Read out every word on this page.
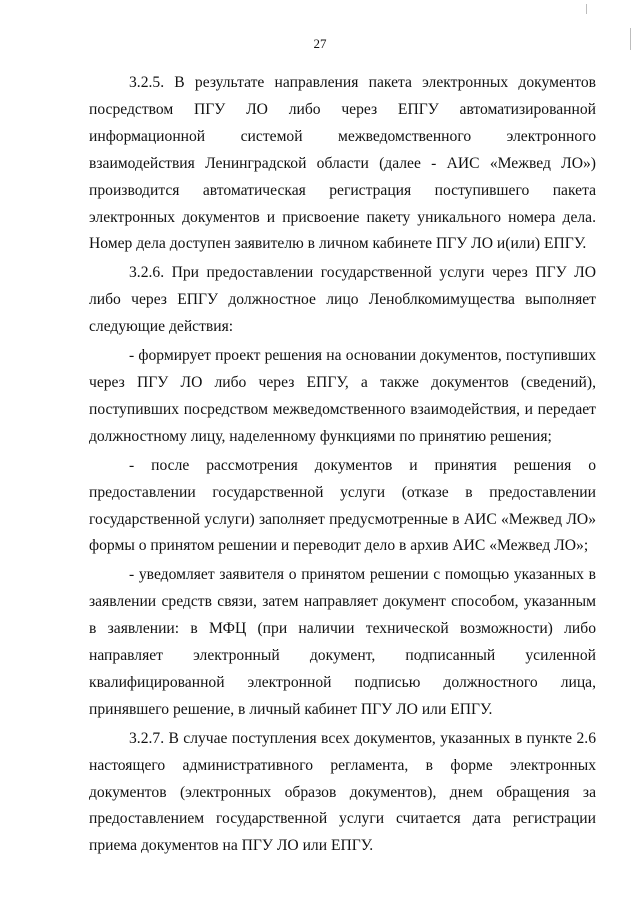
27

3.2.5. В результате направления пакета электронных документов посредством ПГУ ЛО либо через ЕПГУ автоматизированной информационной системой межведомственного электронного взаимодействия Ленинградской области (далее - АИС «Межвед ЛО») производится автоматическая регистрация поступившего пакета электронных документов и присвоение пакету уникального номера дела. Номер дела доступен заявителю в личном кабинете ПГУ ЛО и(или) ЕПГУ.

3.2.6. При предоставлении государственной услуги через ПГУ ЛО либо через ЕПГУ должностное лицо Леноблкомимущества выполняет следующие действия:

- формирует проект решения на основании документов, поступивших через ПГУ ЛО либо через ЕПГУ, а также документов (сведений), поступивших посредством межведомственного взаимодействия, и передает должностному лицу, наделенному функциями по принятию решения;

- после рассмотрения документов и принятия решения о предоставлении государственной услуги (отказе в предоставлении государственной услуги) заполняет предусмотренные в АИС «Межвед ЛО» формы о принятом решении и переводит дело в архив АИС «Межвед ЛО»;

- уведомляет заявителя о принятом решении с помощью указанных в заявлении средств связи, затем направляет документ способом, указанным в заявлении: в МФЦ (при наличии технической возможности) либо направляет электронный документ, подписанный усиленной квалифицированной электронной подписью должностного лица, принявшего решение, в личный кабинет ПГУ ЛО или ЕПГУ.

3.2.7. В случае поступления всех документов, указанных в пункте 2.6 настоящего административного регламента, в форме электронных документов (электронных образов документов), днем обращения за предоставлением государственной услуги считается дата регистрации приема документов на ПГУ ЛО или ЕПГУ.
